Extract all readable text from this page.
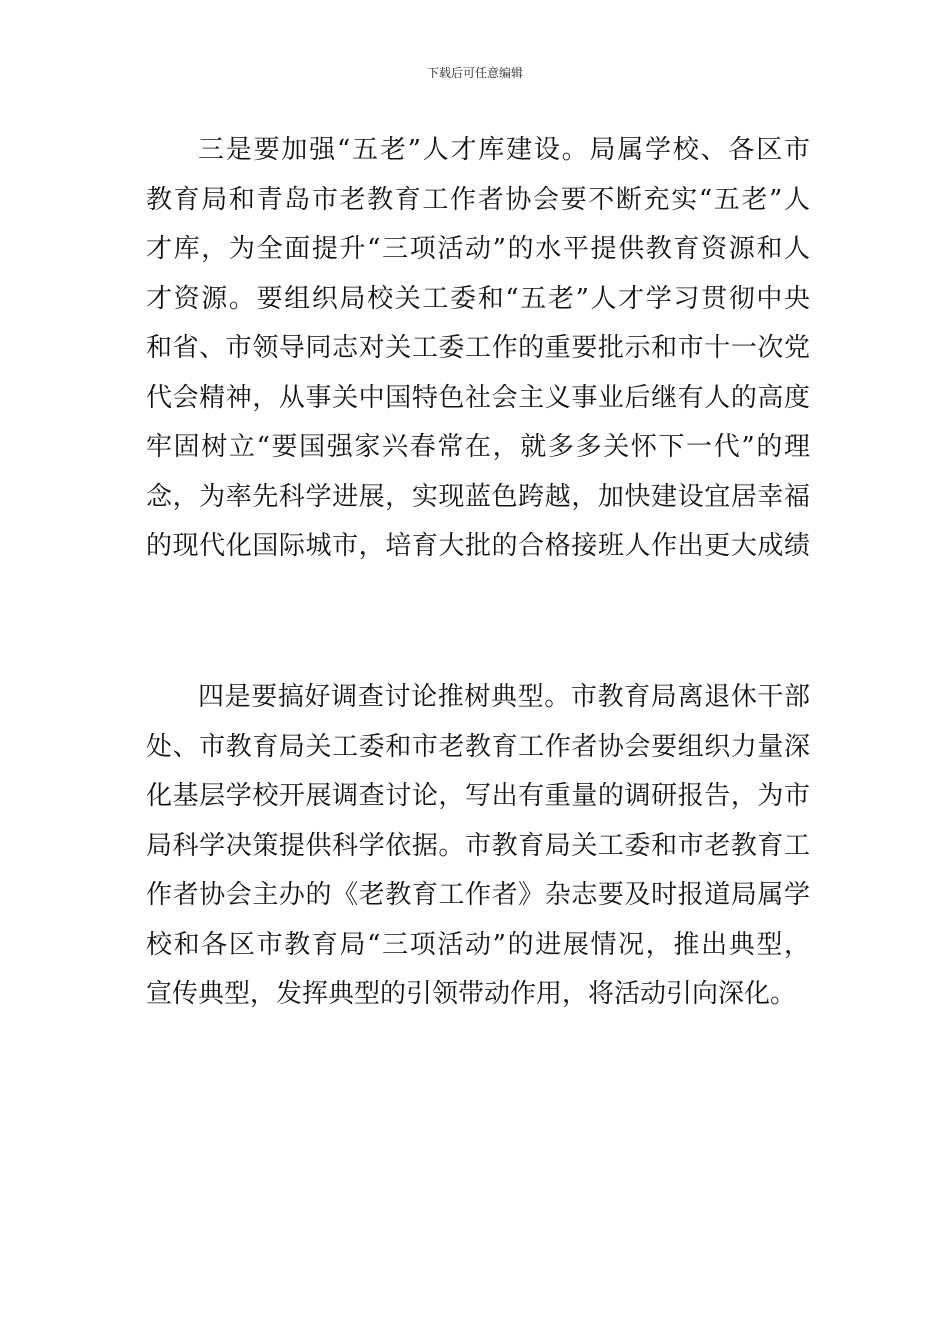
下载后可任意编辑
三是要加强“五老”人才库建设。局属学校、各区市
教育局和青岛市老教育工作者协会要不断充实“五老”人
才库，为全面提升“三项活动”的水平提供教育资源和人
才资源。要组织局校关工委和“五老”人才学习贯彻中央
和省、市领导同志对关工委工作的重要批示和市十一次党
代会精神，从事关中国特色社会主义事业后继有人的高度
牢固树立“要国强家兴春常在，就多多关怀下一代”的理
念，为率先科学进展，实现蓝色跨越，加快建设宜居幸福
的现代化国际城市，培育大批的合格接班人作出更大成绩
四是要搞好调查讨论推树典型。市教育局离退休干部
处、市教育局关工委和市老教育工作者协会要组织力量深
化基层学校开展调查讨论，写出有重量的调研报告，为市
局科学决策提供科学依据。市教育局关工委和市老教育工
作者协会主办的《老教育工作者》杂志要及时报道局属学
校和各区市教育局“三项活动”的进展情况，推出典型，
宣传典型，发挥典型的引领带动作用，将活动引向深化。
